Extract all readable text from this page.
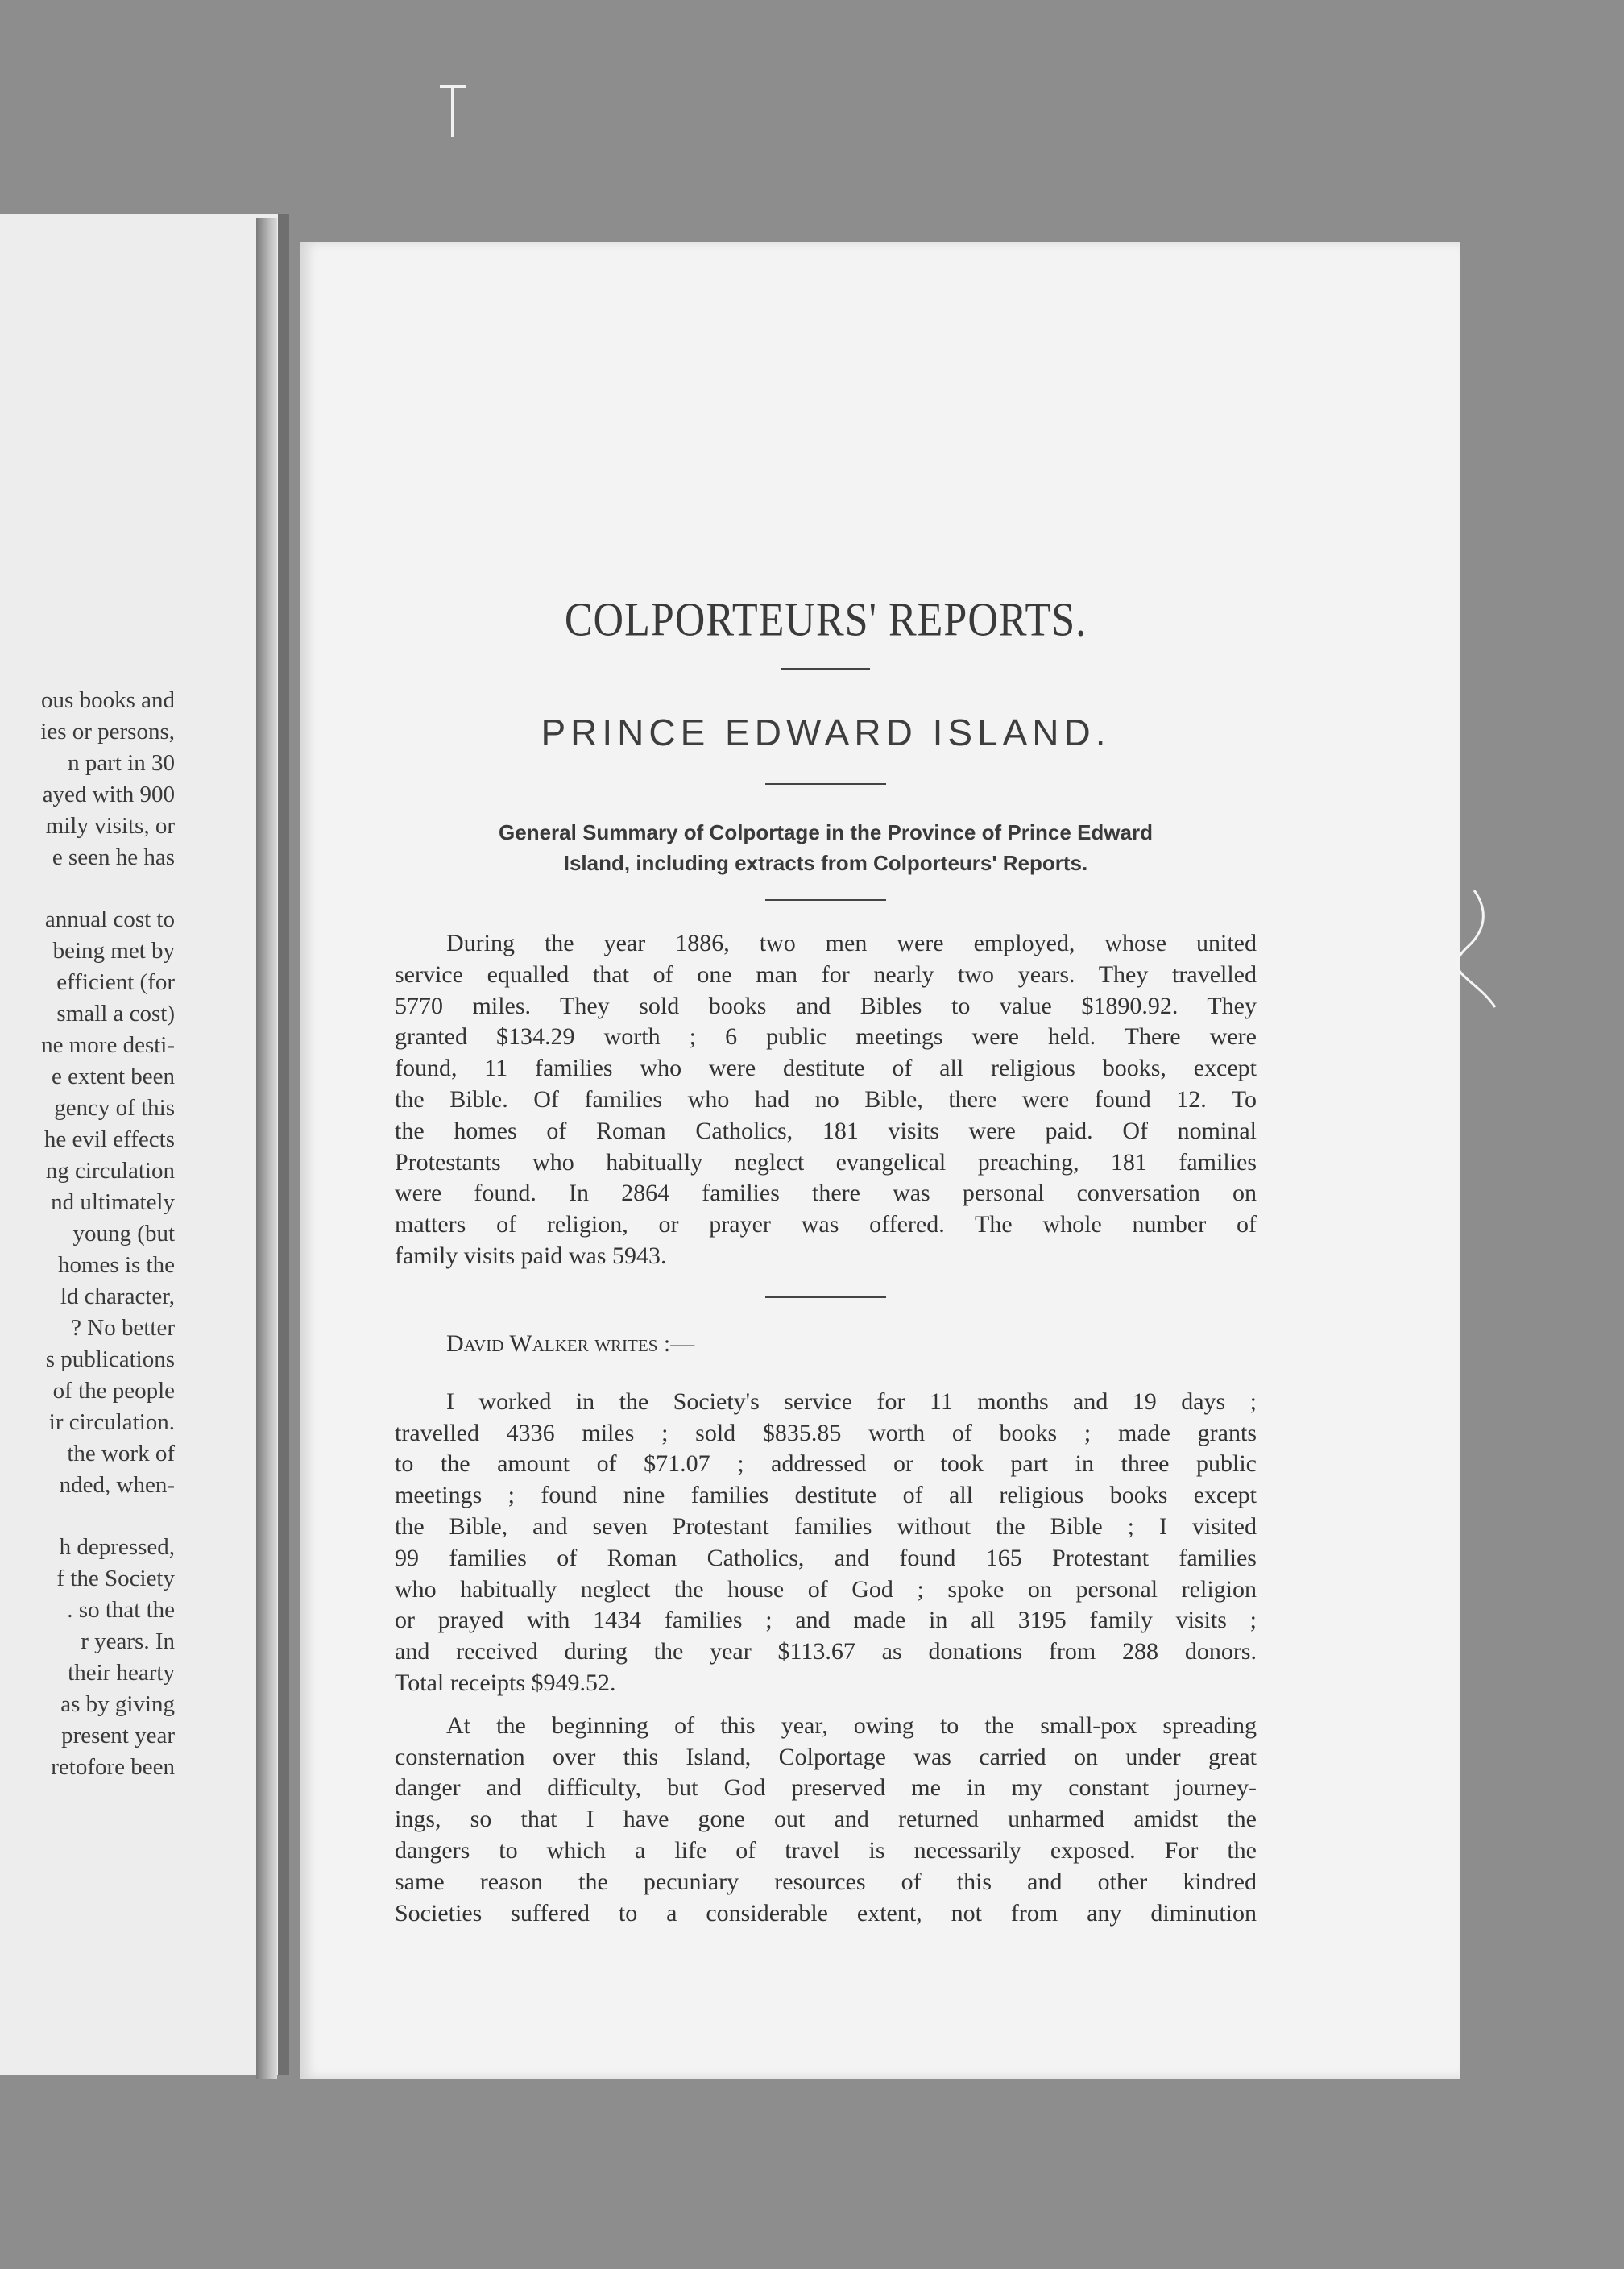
ous books and
ies or persons,
n part in 30
ayed with 900
mily visits, or
e seen he has
annual cost to
being met by
efficient (for
small a cost)
ne more desti-
e extent been
gency of this
he evil effects
ng circulation
nd ultimately
young (but
homes is the
ld character,
? No better
s publications
of the people
ir circulation.
the work of
nded, when-
h depressed,
f the Society
. so that the
r years. In
their hearty
as by giving
present year
retofore been
COLPORTEURS' REPORTS.
PRINCE EDWARD ISLAND.
General Summary of Colportage in the Province of Prince Edward
Island, including extracts from Colporteurs' Reports.
During the year 1886, two men were employed, whose united
service equalled that of one man for nearly two years. They travelled
5770 miles. They sold books and Bibles to value $1890.92. They
granted $134.29 worth ; 6 public meetings were held. There were
found, 11 families who were destitute of all religious books, except
the Bible. Of families who had no Bible, there were found 12. To
the homes of Roman Catholics, 181 visits were paid. Of nominal
Protestants who habitually neglect evangelical preaching, 181 families
were found. In 2864 families there was personal conversation on
matters of religion, or prayer was offered. The whole number of
family visits paid was 5943.
David Walker writes :—
I worked in the Society's service for 11 months and 19 days ;
travelled 4336 miles ; sold $835.85 worth of books ; made grants
to the amount of $71.07 ; addressed or took part in three public
meetings ; found nine families destitute of all religious books except
the Bible, and seven Protestant families without the Bible ; I visited
99 families of Roman Catholics, and found 165 Protestant families
who habitually neglect the house of God ; spoke on personal religion
or prayed with 1434 families ; and made in all 3195 family visits ;
and received during the year $113.67 as donations from 288 donors.
Total receipts $949.52.
At the beginning of this year, owing to the small-pox spreading
consternation over this Island, Colportage was carried on under great
danger and difficulty, but God preserved me in my constant journey-
ings, so that I have gone out and returned unharmed amidst the
dangers to which a life of travel is necessarily exposed. For the
same reason the pecuniary resources of this and other kindred
Societies suffered to a considerable extent, not from any diminution
